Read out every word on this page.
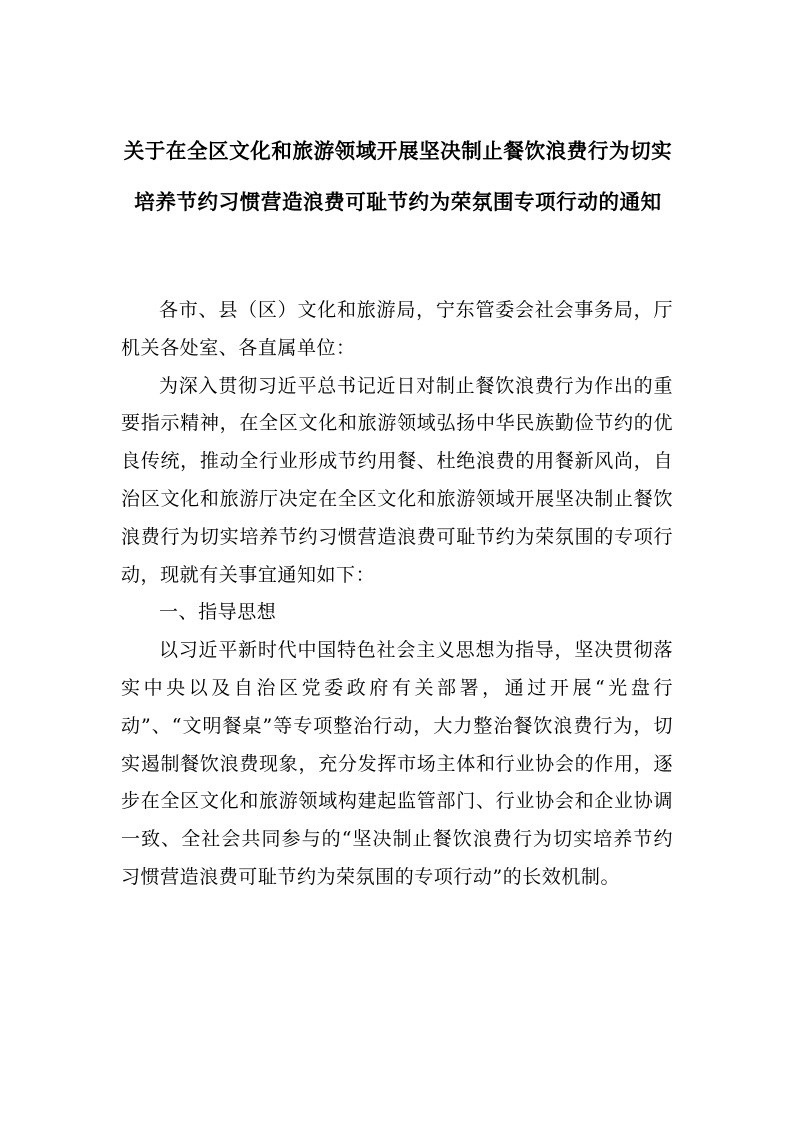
关于在全区文化和旅游领域开展坚决制止餐饮浪费行为切实培养节约习惯营造浪费可耻节约为荣氛围专项行动的通知

各市、县（区）文化和旅游局，宁东管委会社会事务局，厅机关各处室、各直属单位：

为深入贯彻习近平总书记近日对制止餐饮浪费行为作出的重要指示精神，在全区文化和旅游领域弘扬中华民族勤俭节约的优良传统，推动全行业形成节约用餐、杜绝浪费的用餐新风尚，自治区文化和旅游厅决定在全区文化和旅游领域开展坚决制止餐饮浪费行为切实培养节约习惯营造浪费可耻节约为荣氛围的专项行动，现就有关事宜通知如下：

一、指导思想

以习近平新时代中国特色社会主义思想为指导，坚决贯彻落实中央以及自治区党委政府有关部署，通过开展“光盘行动”、“文明餐桌”等专项整治行动，大力整治餐饮浪费行为，切实遏制餐饮浪费现象，充分发挥市场主体和行业协会的作用，逐步在全区文化和旅游领域构建起监管部门、行业协会和企业协调一致、全社会共同参与的“坚决制止餐饮浪费行为切实培养节约习惯营造浪费可耻节约为荣氛围的专项行动”的长效机制。
